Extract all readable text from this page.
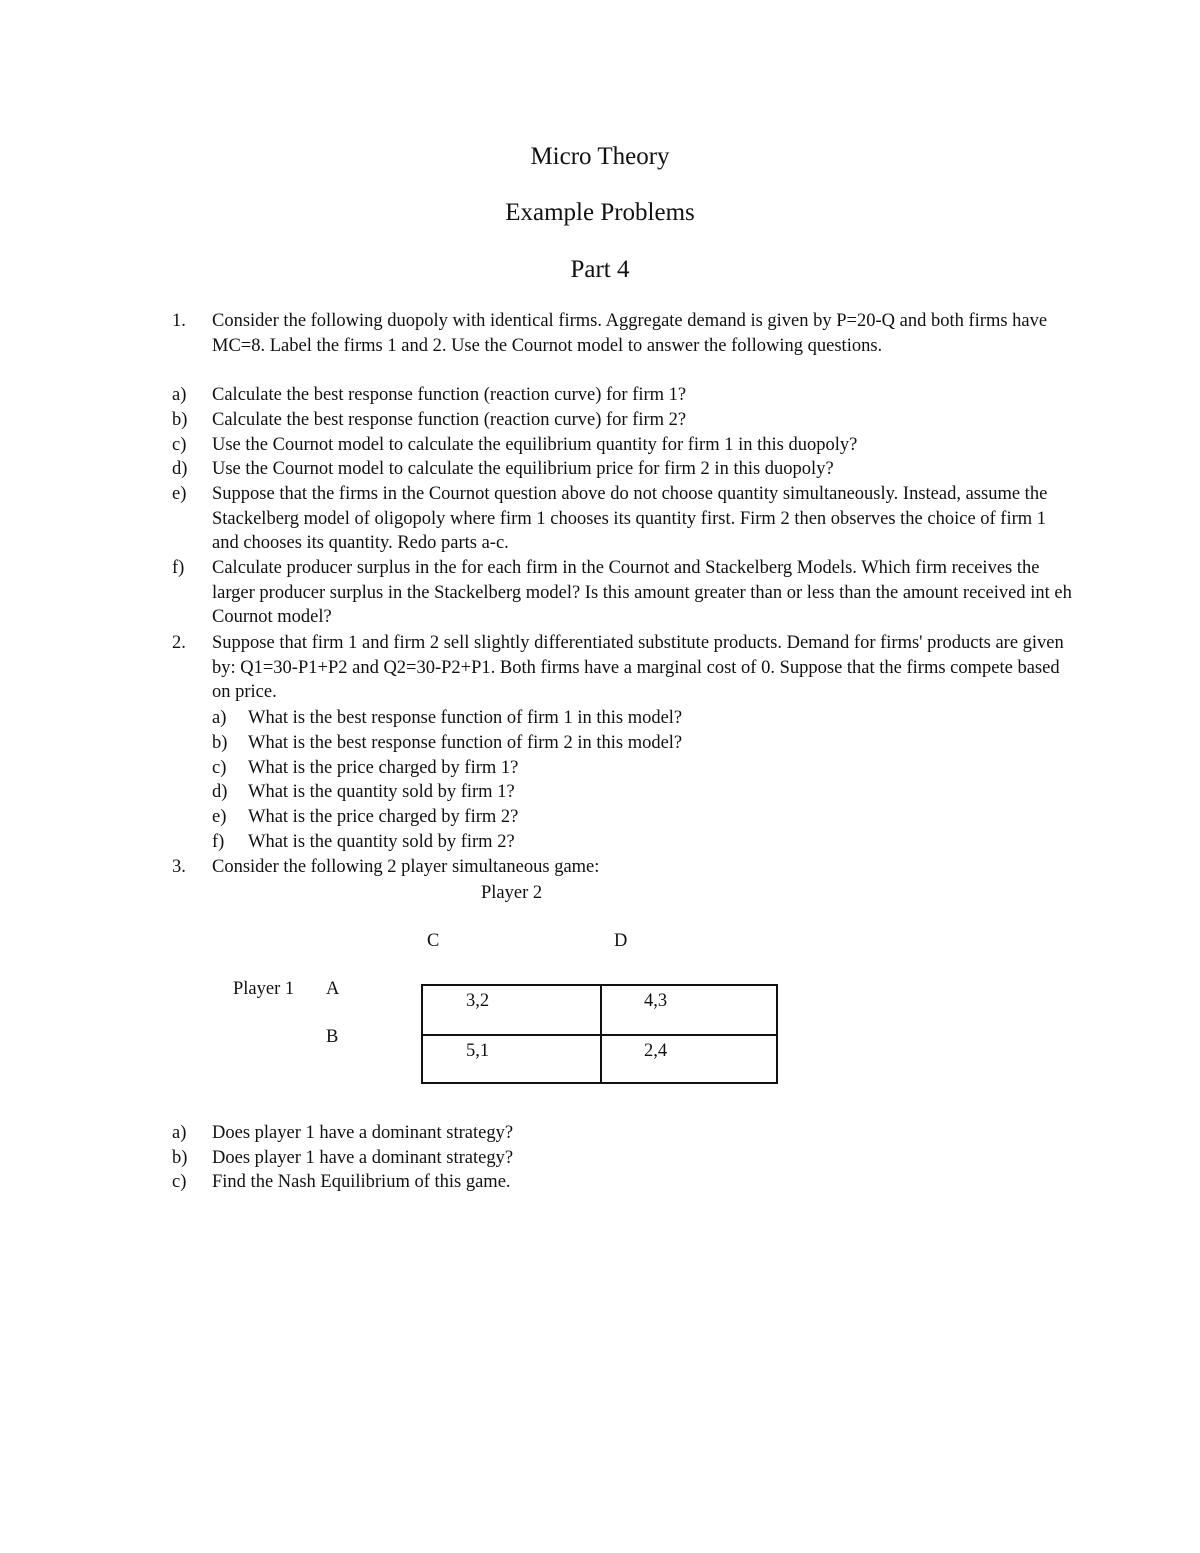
Micro Theory
Example Problems
Part 4
1. Consider the following duopoly with identical firms. Aggregate demand is given by P=20-Q and both firms have MC=8. Label the firms 1 and 2. Use the Cournot model to answer the following questions.
a) Calculate the best response function (reaction curve) for firm 1?
b) Calculate the best response function (reaction curve) for firm 2?
c) Use the Cournot model to calculate the equilibrium quantity for firm 1 in this duopoly?
d) Use the Cournot model to calculate the equilibrium price for firm 2 in this duopoly?
e) Suppose that the firms in the Cournot question above do not choose quantity simultaneously. Instead, assume the Stackelberg model of oligopoly where firm 1 chooses its quantity first. Firm 2 then observes the choice of firm 1 and chooses its quantity. Redo parts a-c.
f) Calculate producer surplus in the for each firm in the Cournot and Stackelberg Models. Which firm receives the larger producer surplus in the Stackelberg model? Is this amount greater than or less than the amount received int eh Cournot model?
2. Suppose that firm 1 and firm 2 sell slightly differentiated substitute products. Demand for firms' products are given by: Q1=30-P1+P2 and Q2=30-P2+P1. Both firms have a marginal cost of 0. Suppose that the firms compete based on price.
a) What is the best response function of firm 1 in this model?
b) What is the best response function of firm 2 in this model?
c) What is the price charged by firm 1?
d) What is the quantity sold by firm 1?
e) What is the price charged by firm 2?
f) What is the quantity sold by firm 2?
3. Consider the following 2 player simultaneous game:
Player 2
C	D
Player 1 A
B
3,2	4,3
5,1	2,4
a) Does player 1 have a dominant strategy?
b) Does player 1 have a dominant strategy?
c) Find the Nash Equilibrium of this game.
